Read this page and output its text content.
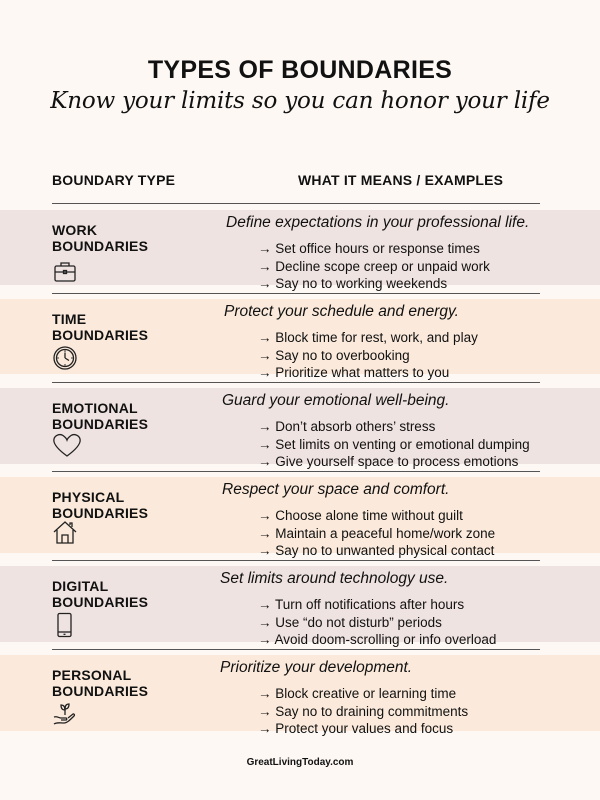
TYPES OF BOUNDARIES
Know your limits so you can honor your life
BOUNDARY TYPE	WHAT IT MEANS / EXAMPLES
WORK
BOUNDARIES
Define expectations in your professional life.
→ Set office hours or response times
→ Decline scope creep or unpaid work
→ Say no to working weekends
TIME
BOUNDARIES
Protect your schedule and energy.
→ Block time for rest, work, and play
→ Say no to overbooking
→ Prioritize what matters to you
EMOTIONAL
BOUNDARIES
Guard your emotional well-being.
→ Don’t absorb others’ stress
→ Set limits on venting or emotional dumping
→ Give yourself space to process emotions
PHYSICAL
BOUNDARIES
Respect your space and comfort.
→ Choose alone time without guilt
→ Maintain a peaceful home/work zone
→ Say no to unwanted physical contact
DIGITAL
BOUNDARIES
Set limits around technology use.
→ Turn off notifications after hours
→ Use “do not disturb” periods
→ Avoid doom-scrolling or info overload
PERSONAL
BOUNDARIES
Prioritize your development.
→ Block creative or learning time
→ Say no to draining commitments
→ Protect your values and focus
GreatLivingToday.com
